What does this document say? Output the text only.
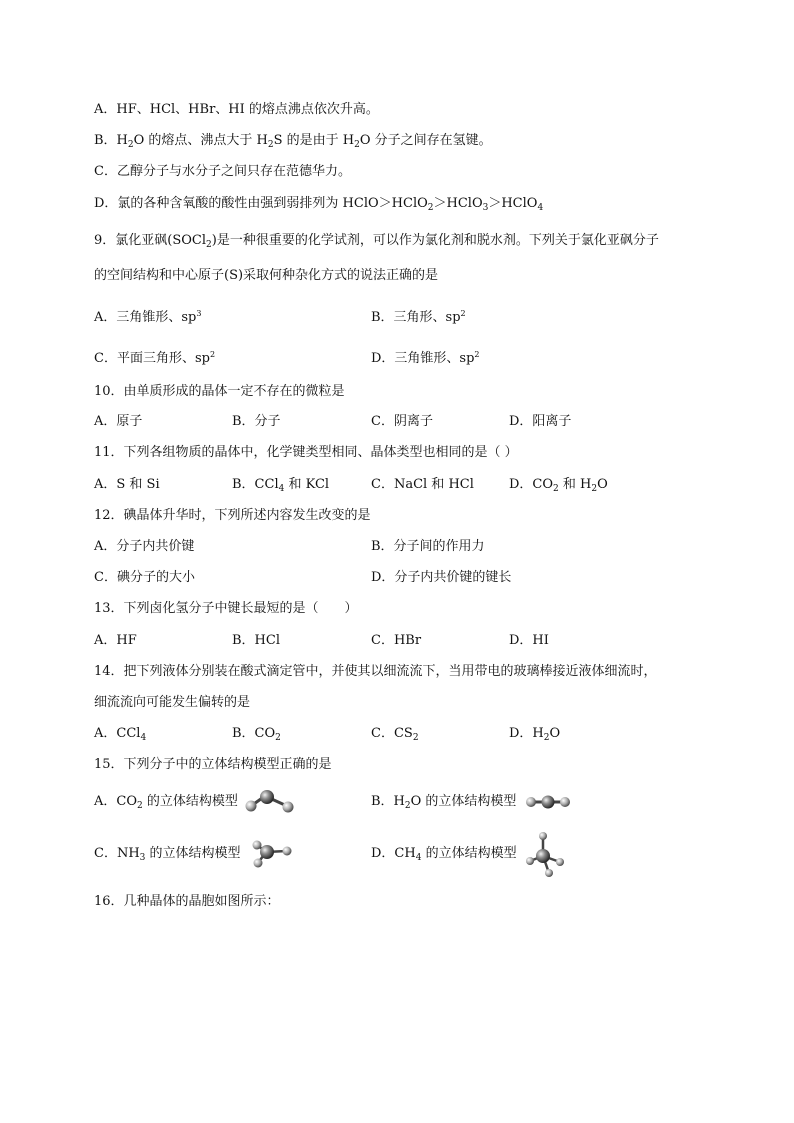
A．HF、HCl、HBr、HI 的熔点沸点依次升高。
B．$H_2O$ 的熔点、沸点大于 $H_2S$ 的是由于 $H_2O$ 分子之间存在氢键。
C．乙醇分子与水分子之间只存在范德华力。
D．氯的各种含氧酸的酸性由强到弱排列为 HClO＞HClO$_2$＞HClO$_3$＞HClO$_4$
9．氯化亚砜(SOCl$_2$)是一种很重要的化学试剂，可以作为氯化剂和脱水剂。下列关于氯化亚砜分子
的空间结构和中心原子(S)采取何种杂化方式的说法正确的是
A．三角锥形、$sp^3$	B．三角形、$sp^2$
C．平面三角形、$sp^2$	D．三角锥形、$sp^2$
10．由单质形成的晶体一定不存在的微粒是
A．原子	B．分子	C．阴离子	D．阳离子
11．下列各组物质的晶体中，化学键类型相同、晶体类型也相同的是（ ）
A．S 和 Si	B．CCl$_4$ 和 KCl	C．NaCl 和 HCl	D．$CO_2$ 和 $H_2O$
12．碘晶体升华时，下列所述内容发生改变的是
A．分子内共价键	B．分子间的作用力
C．碘分子的大小	D．分子内共价键的键长
13．下列卤化氢分子中键长最短的是（　　）
A．HF	B．HCl	C．HBr	D．HI
14．把下列液体分别装在酸式滴定管中，并使其以细流流下，当用带电的玻璃棒接近液体细流时，
细流流向可能发生偏转的是
A．CCl$_4$	B．$CO_2$	C．$CS_2$	D．$H_2O$
15．下列分子中的立体结构模型正确的是
A．$CO_2$ 的立体结构模型	B．$H_2O$ 的立体结构模型
C．$NH_3$ 的立体结构模型	D．$CH_4$ 的立体结构模型
16．几种晶体的晶胞如图所示：
